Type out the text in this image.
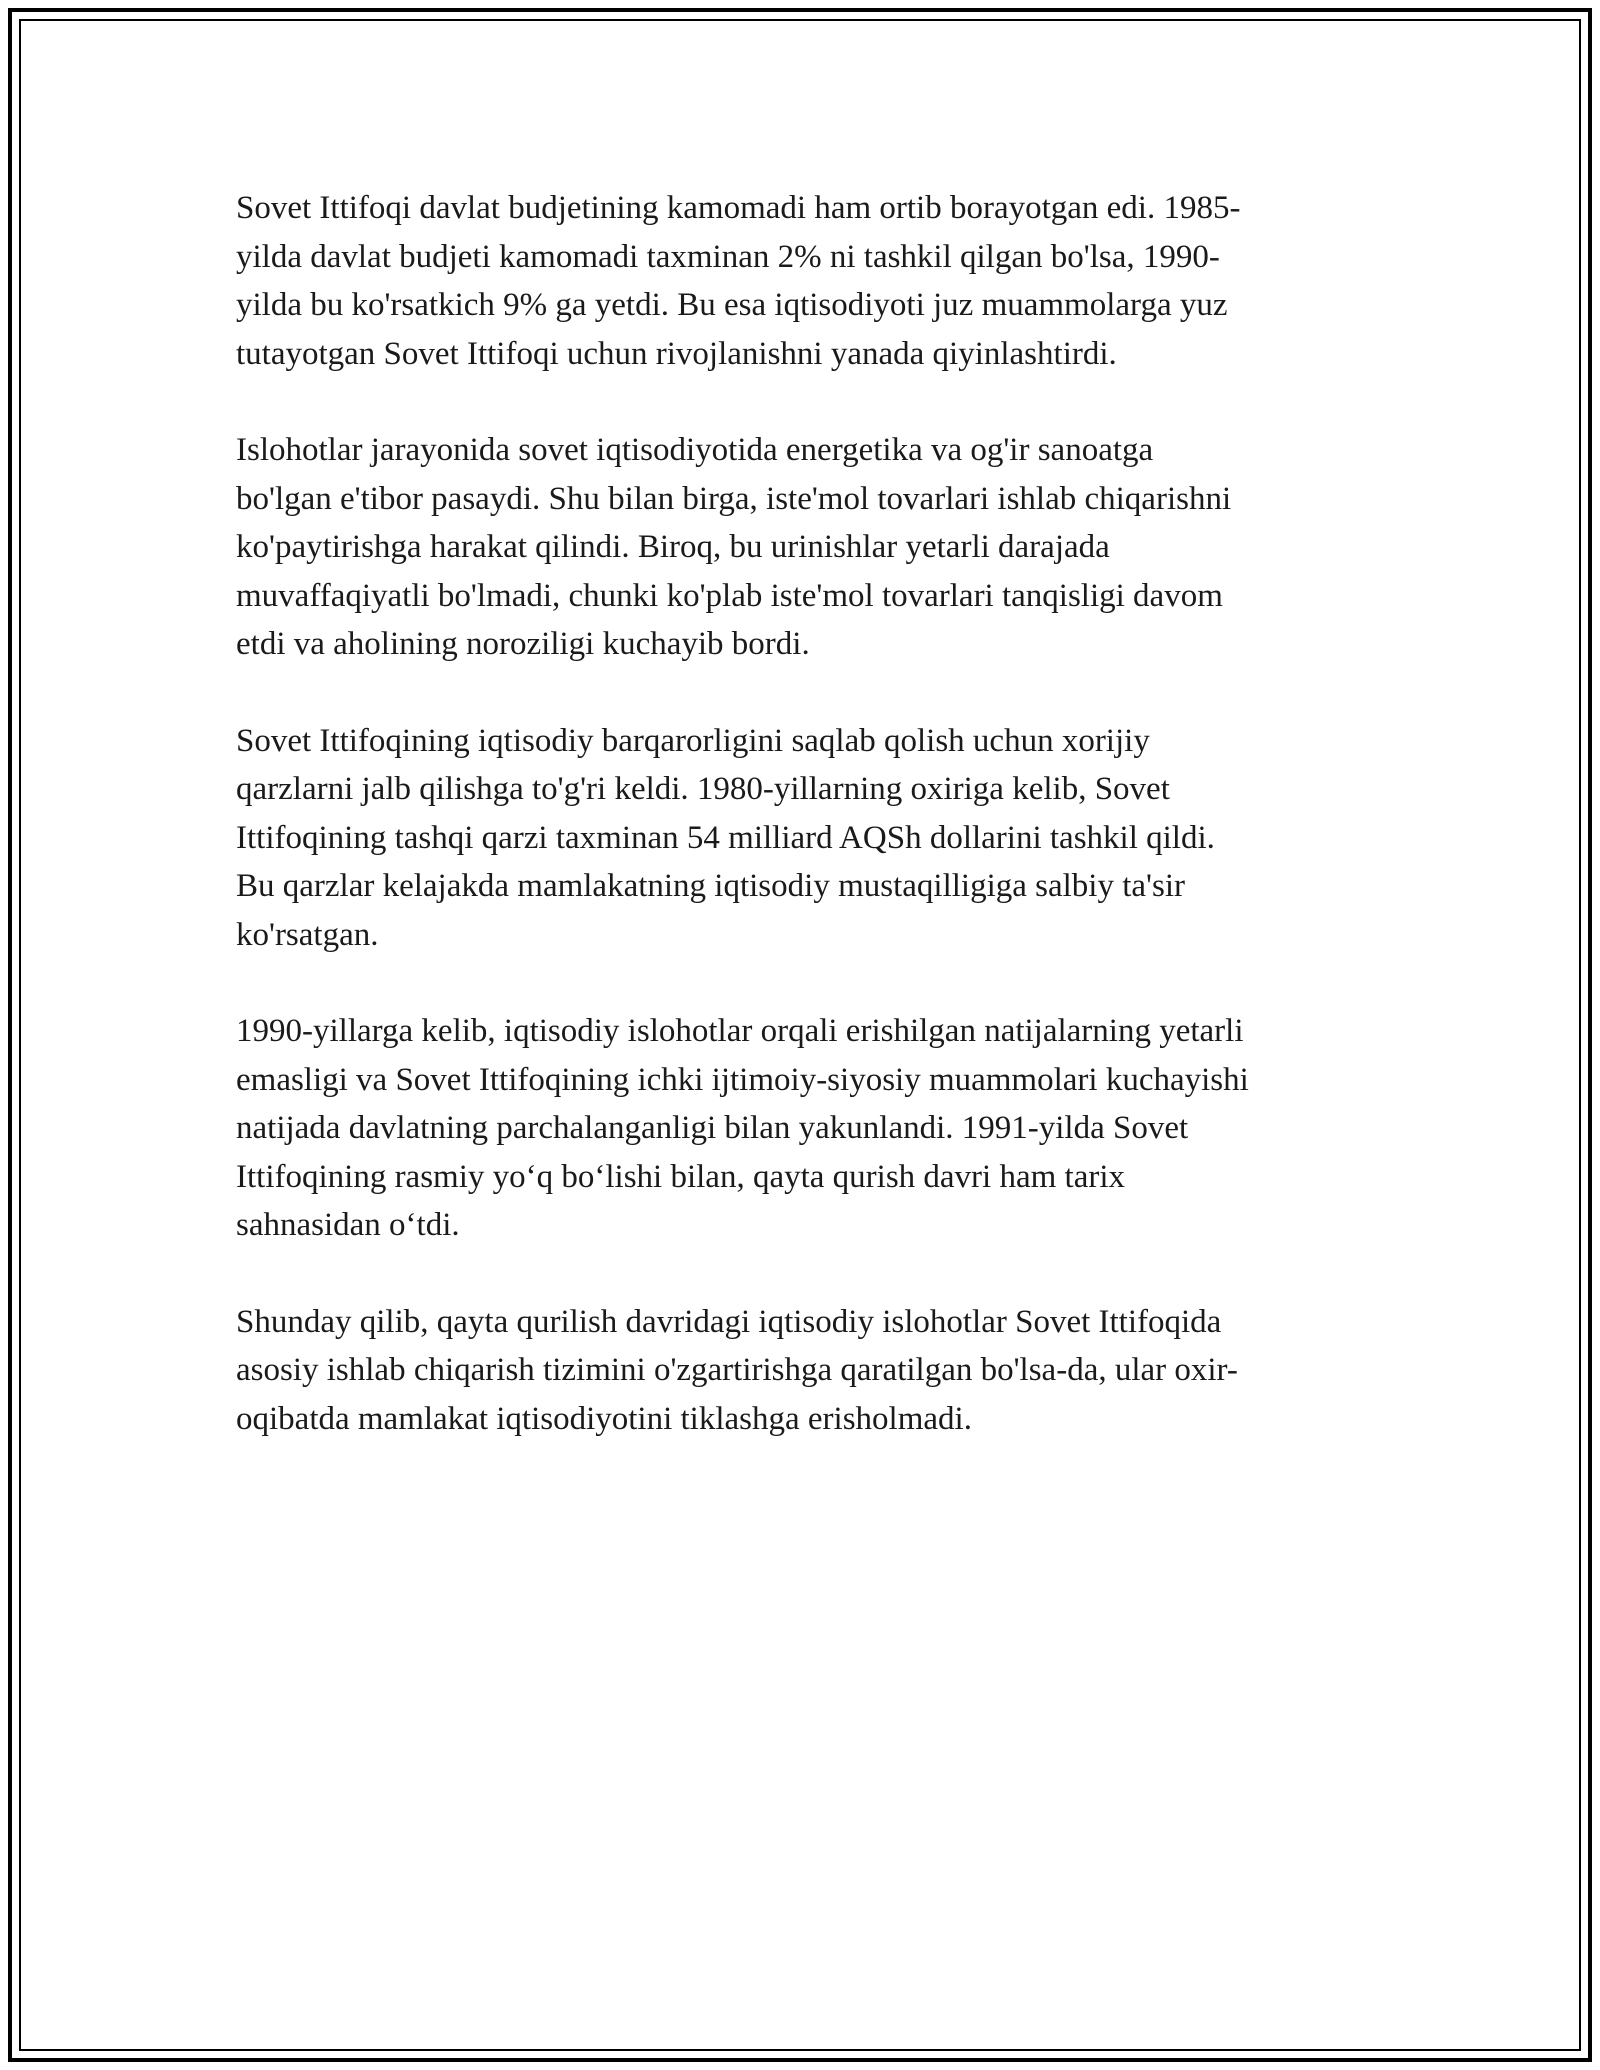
Sovet Ittifoqi davlat budjetining kamomadi ham ortib borayotgan edi. 1985-
yilda davlat budjeti kamomadi taxminan 2% ni tashkil qilgan bo'lsa, 1990-
yilda bu ko'rsatkich 9% ga yetdi. Bu esa iqtisodiyoti juz muammolarga yuz
tutayotgan Sovet Ittifoqi uchun rivojlanishni yanada qiyinlashtirdi.

Islohotlar jarayonida sovet iqtisodiyotida energetika va og'ir sanoatga
bo'lgan e'tibor pasaydi. Shu bilan birga, iste'mol tovarlari ishlab chiqarishni
ko'paytirishga harakat qilindi. Biroq, bu urinishlar yetarli darajada
muvaffaqiyatli bo'lmadi, chunki ko'plab iste'mol tovarlari tanqisligi davom
etdi va aholining noroziligi kuchayib bordi.

Sovet Ittifoqining iqtisodiy barqarorligini saqlab qolish uchun xorijiy
qarzlarni jalb qilishga to'g'ri keldi. 1980-yillarning oxiriga kelib, Sovet
Ittifoqining tashqi qarzi taxminan 54 milliard AQSh dollarini tashkil qildi.
Bu qarzlar kelajakda mamlakatning iqtisodiy mustaqilligiga salbiy ta'sir
ko'rsatgan.

1990-yillarga kelib, iqtisodiy islohotlar orqali erishilgan natijalarning yetarli
emasligi va Sovet Ittifoqining ichki ijtimoiy-siyosiy muammolari kuchayishi
natijada davlatning parchalanganligi bilan yakunlandi. 1991-yilda Sovet
Ittifoqining rasmiy yo‘q bo‘lishi bilan, qayta qurish davri ham tarix
sahnasidan o‘tdi.

Shunday qilib, qayta qurilish davridagi iqtisodiy islohotlar Sovet Ittifoqida
asosiy ishlab chiqarish tizimini o'zgartirishga qaratilgan bo'lsa-da, ular oxir-
oqibatda mamlakat iqtisodiyotini tiklashga erisholmadi.
